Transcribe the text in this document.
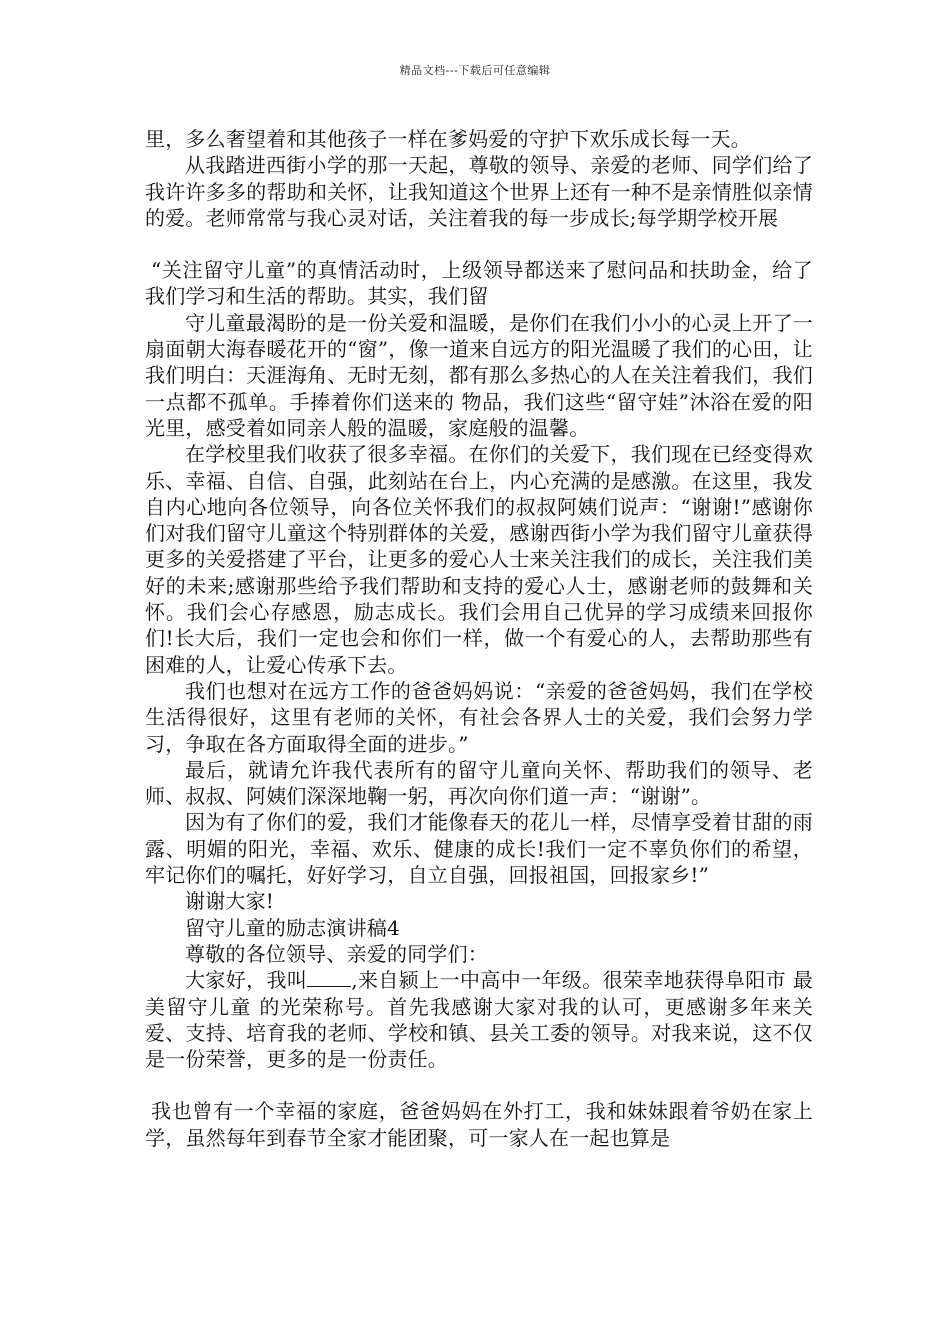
精品文档---下载后可任意编辑

里，多么奢望着和其他孩子一样在爹妈爱的守护下欢乐成长每一天。

从我踏进西街小学的那一天起，尊敬的领导、亲爱的老师、同学们给了我许许多多的帮助和关怀，让我知道这个世界上还有一种不是亲情胜似亲情的爱。老师常常与我心灵对话，关注着我的每一步成长;每学期学校开展

“关注留守儿童”的真情活动时，上级领导都送来了慰问品和扶助金，给了我们学习和生活的帮助。其实，我们留

守儿童最渴盼的是一份关爱和温暖，是你们在我们小小的心灵上开了一扇面朝大海春暖花开的“窗”，像一道来自远方的阳光温暖了我们的心田，让我们明白：天涯海角、无时无刻，都有那么多热心的人在关注着我们，我们一点都不孤单。手捧着你们送来的 物品，我们这些“留守娃”沐浴在爱的阳光里，感受着如同亲人般的温暖，家庭般的温馨。

在学校里我们收获了很多幸福。在你们的关爱下，我们现在已经变得欢乐、幸福、自信、自强，此刻站在台上，内心充满的是感激。在这里，我发自内心地向各位领导，向各位关怀我们的叔叔阿姨们说声：“谢谢!”感谢你们对我们留守儿童这个特别群体的关爱，感谢西街小学为我们留守儿童获得更多的关爱搭建了平台，让更多的爱心人士来关注我们的成长，关注我们美好的未来;感谢那些给予我们帮助和支持的爱心人士，感谢老师的鼓舞和关怀。我们会心存感恩，励志成长。我们会用自己优异的学习成绩来回报你们!长大后，我们一定也会和你们一样，做一个有爱心的人，去帮助那些有困难的人，让爱心传承下去。

我们也想对在远方工作的爸爸妈妈说：“亲爱的爸爸妈妈，我们在学校生活得很好，这里有老师的关怀，有社会各界人士的关爱，我们会努力学习，争取在各方面取得全面的进步。”

最后，就请允许我代表所有的留守儿童向关怀、帮助我们的领导、老师、叔叔、阿姨们深深地鞠一躬，再次向你们道一声：“谢谢”。

因为有了你们的爱，我们才能像春天的花儿一样，尽情享受着甘甜的雨露、明媚的阳光，幸福、欢乐、健康的成长!我们一定不辜负你们的希望，牢记你们的嘱托，好好学习，自立自强，回报祖国，回报家乡!”

谢谢大家!

留守儿童的励志演讲稿4

尊敬的各位领导、亲爱的同学们：

大家好，我叫 ,来自颍上一中高中一年级。很荣幸地获得阜阳市 最美留守儿童 的光荣称号。首先我感谢大家对我的认可，更感谢多年来关爱、支持、培育我的老师、学校和镇、县关工委的领导。对我来说，这不仅是一份荣誉，更多的是一份责任。

我也曾有一个幸福的家庭，爸爸妈妈在外打工，我和妹妹跟着爷奶在家上学，虽然每年到春节全家才能团聚，可一家人在一起也算是
